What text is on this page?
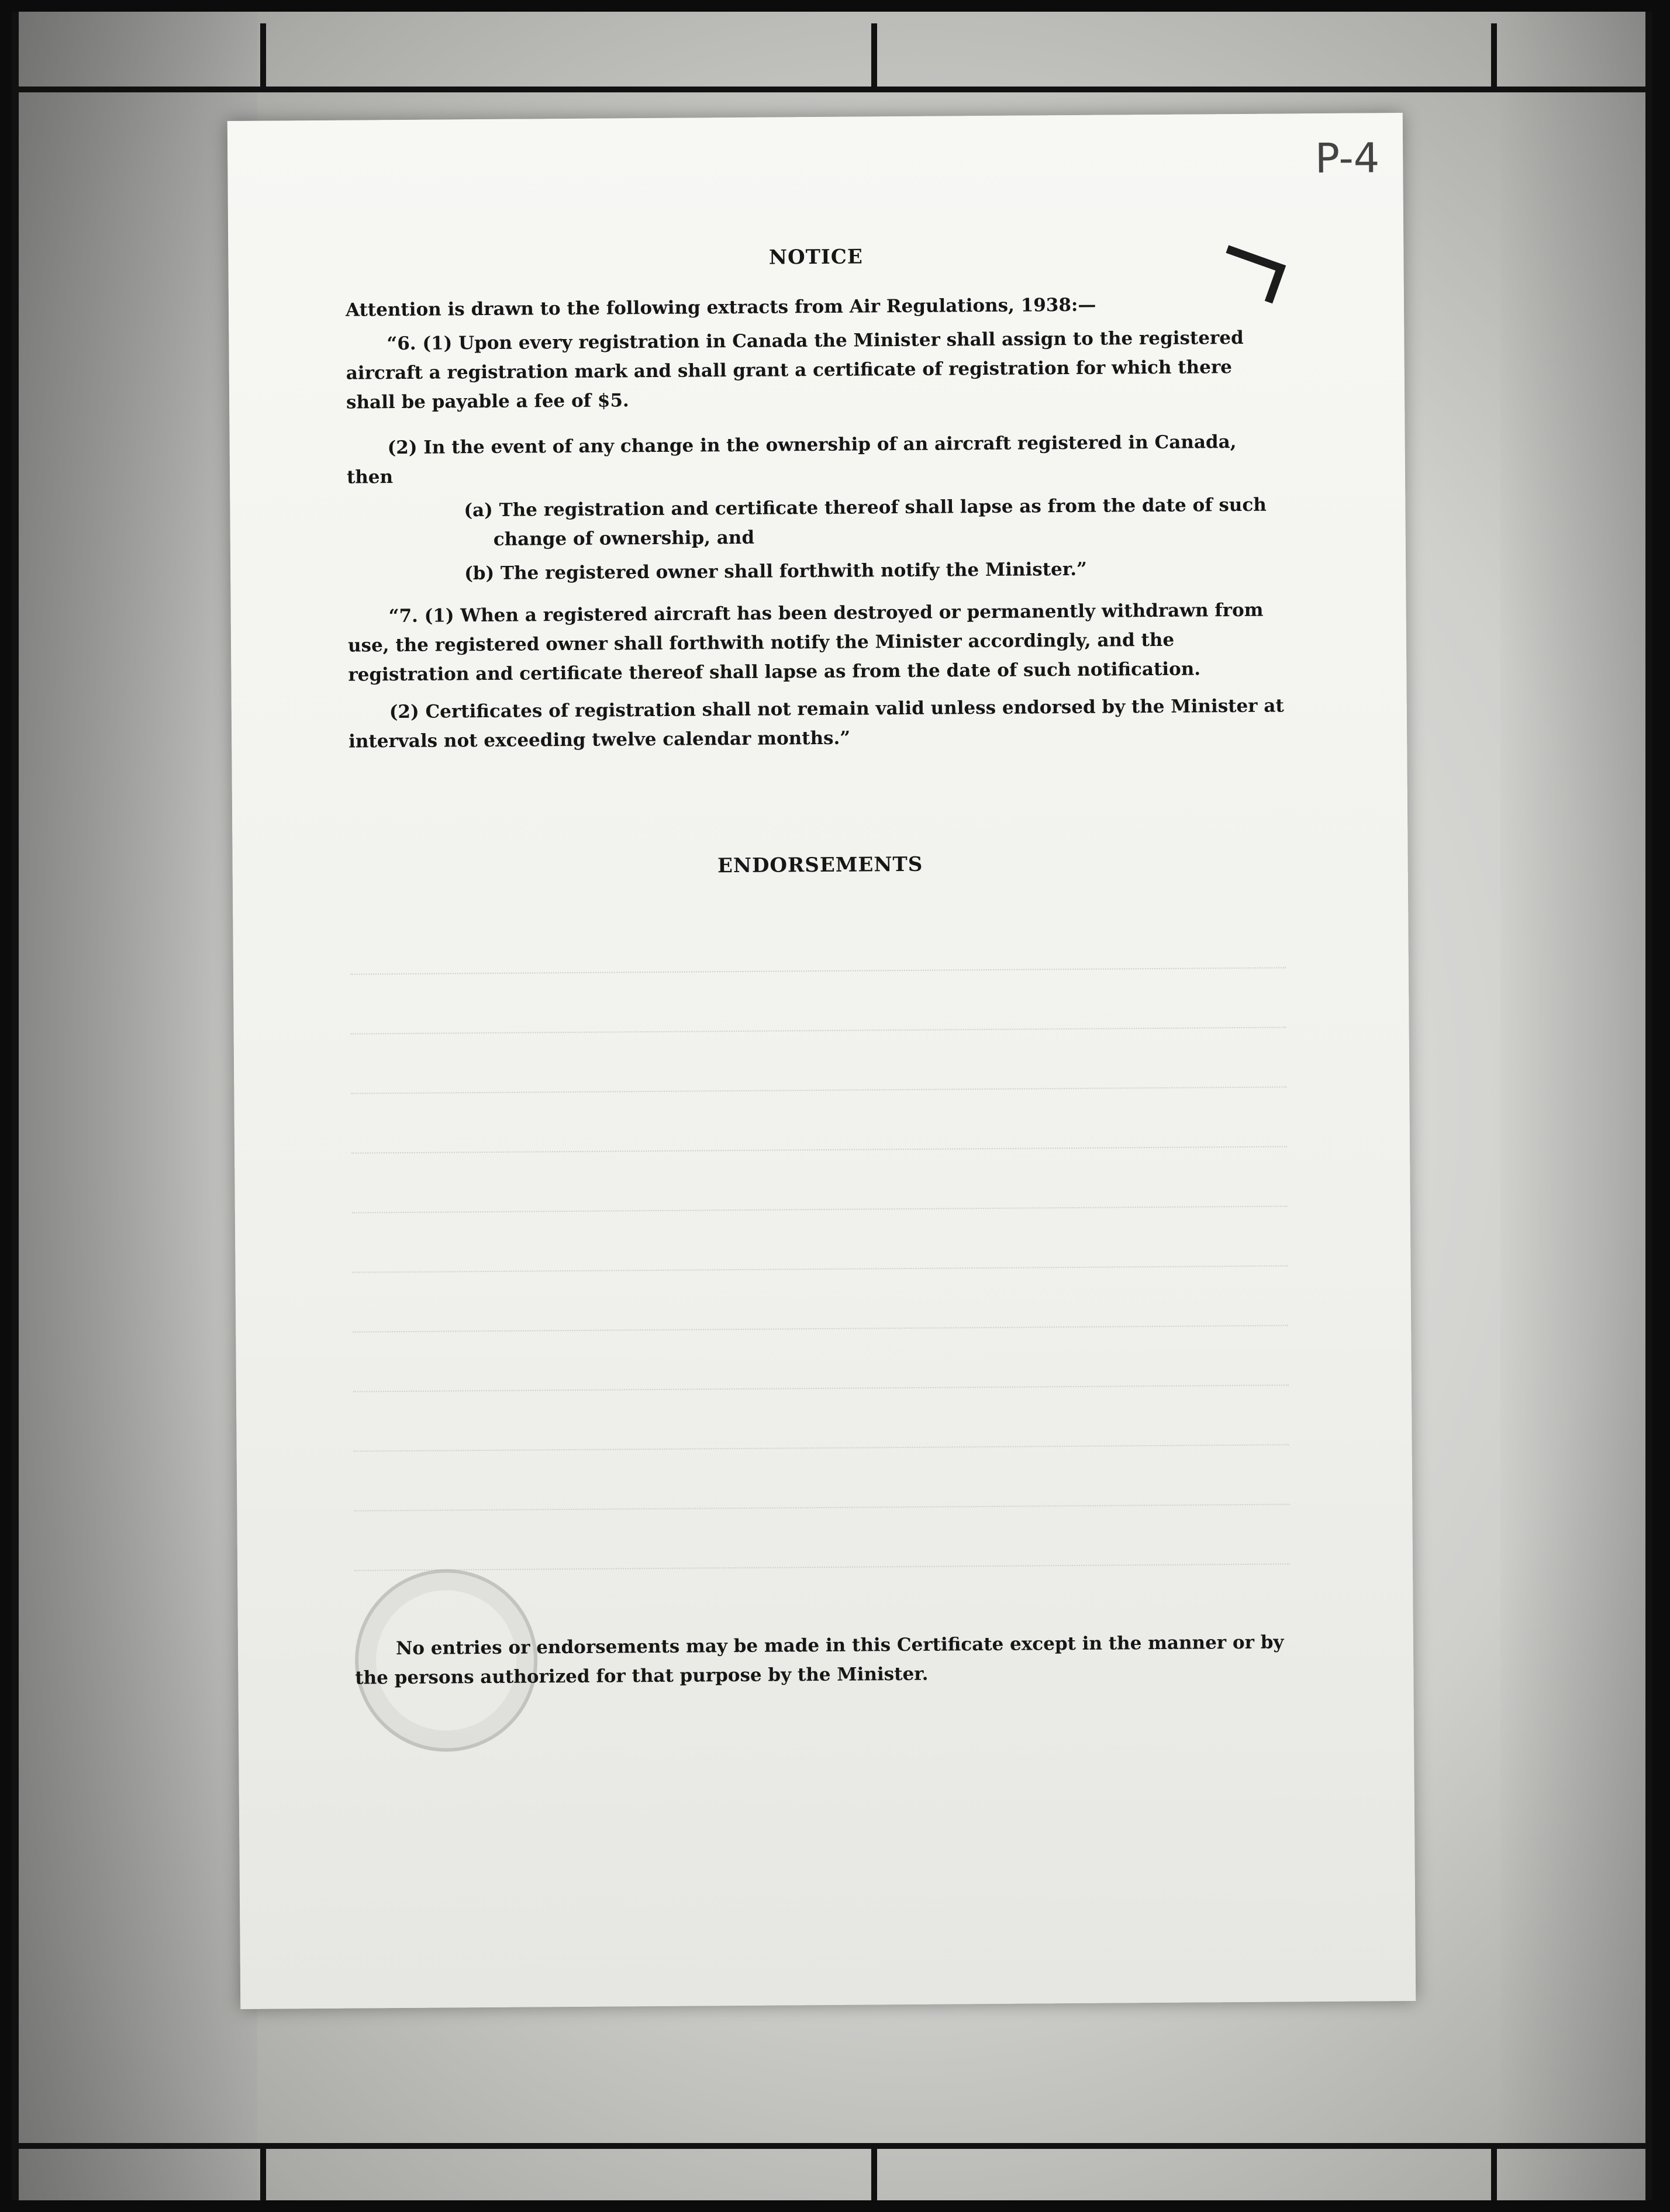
P-4
NOTICE

Attention is drawn to the following extracts from Air Regulations, 1938:—

“6. (1) Upon every registration in Canada the Minister shall assign to the registered aircraft a registration mark and shall grant a certificate of registration for which there shall be payable a fee of $5.

(2) In the event of any change in the ownership of an aircraft registered in Canada, then

(a) The registration and certificate thereof shall lapse as from the date of such change of ownership, and

(b) The registered owner shall forthwith notify the Minister.”

“7. (1) When a registered aircraft has been destroyed or permanently withdrawn from use, the registered owner shall forthwith notify the Minister accordingly, and the registration and certificate thereof shall lapse as from the date of such notification.

(2) Certificates of registration shall not remain valid unless endorsed by the Minister at intervals not exceeding twelve calendar months.”

ENDORSEMENTS

No entries or endorsements may be made in this Certificate except in the manner or by the persons authorized for that purpose by the Minister.
